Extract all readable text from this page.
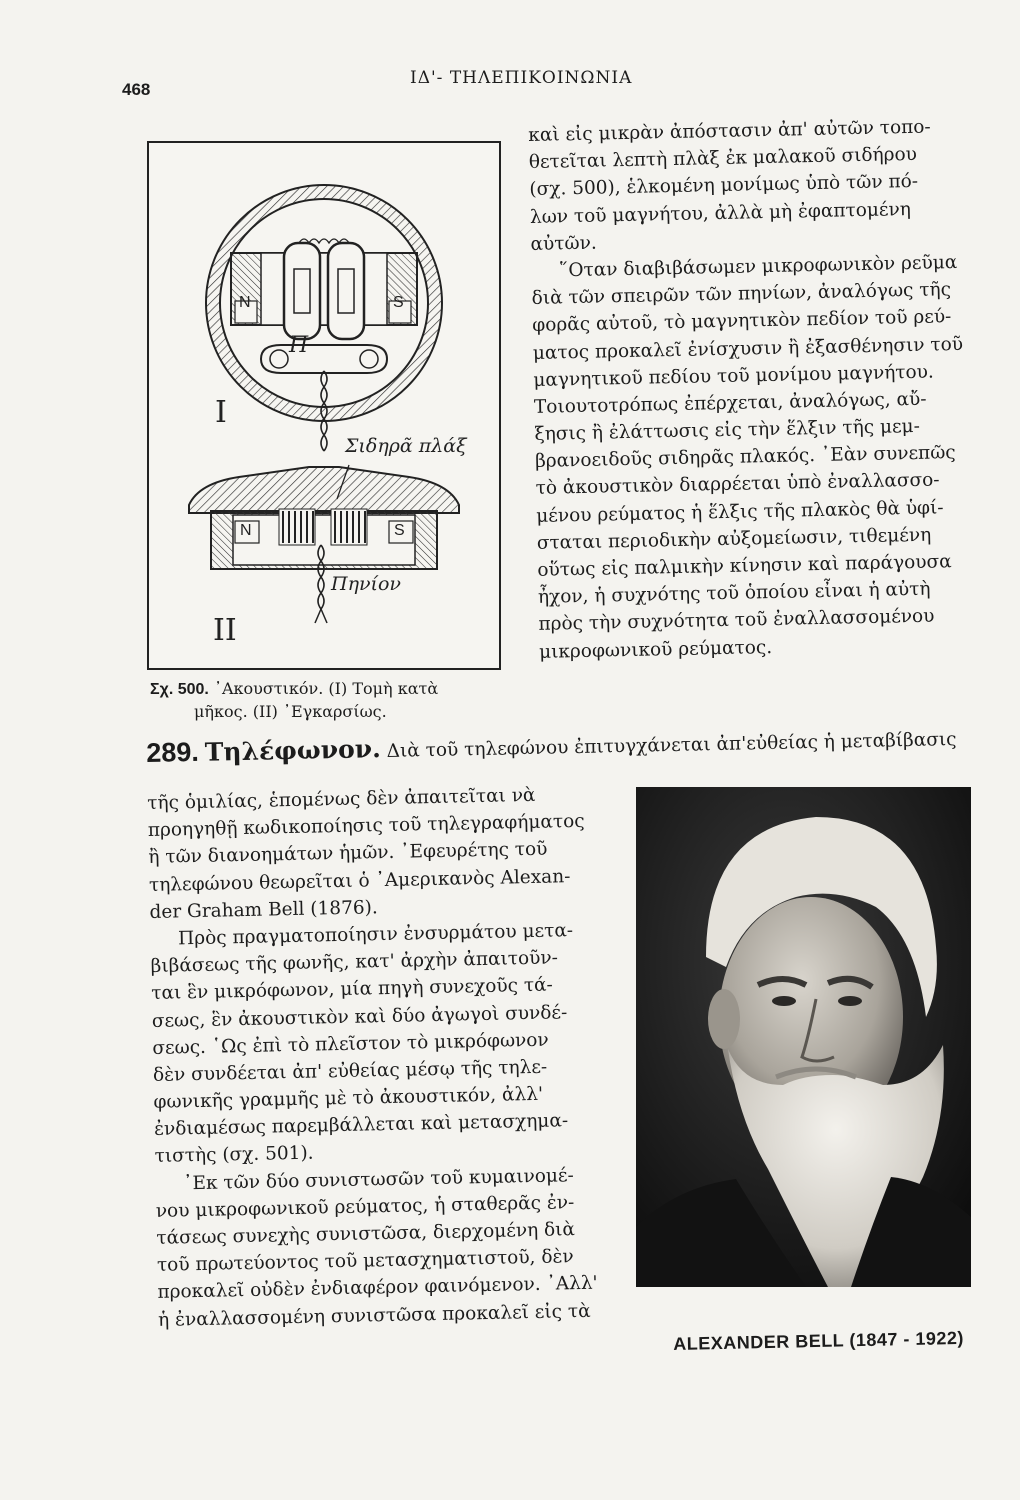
468
ΙΔ'- ΤΗΛΕΠΙΚΟΙΝΩΝΙΑ
N	S
Π
Σιδηρᾶ πλάξ
N	S
Πηνίον
I
II
Σχ. 500. ᾿Ακουστικόν. (I) Τομὴ κατὰ
μῆκος. (II) ᾿Εγκαρσίως.
καὶ εἰς μικρὰν ἀπόστασιν ἀπ' αὐτῶν τοπο-
θετεῖται λεπτὴ πλὰξ ἐκ μαλακοῦ σιδήρου
(σχ. 500), ἑλκομένη μονίμως ὑπὸ τῶν πό-
λων τοῦ μαγνήτου, ἀλλὰ μὴ ἐφαπτομένη
αὐτῶν.
῞Οταν διαβιβάσωμεν μικροφωνικὸν ρεῦμα
διὰ τῶν σπειρῶν τῶν πηνίων, ἀναλόγως τῆς
φορᾶς αὐτοῦ, τὸ μαγνητικὸν πεδίον τοῦ ρεύ-
ματος προκαλεῖ ἐνίσχυσιν ἢ ἐξασθένησιν τοῦ
μαγνητικοῦ πεδίου τοῦ μονίμου μαγνήτου.
Τοιουτοτρόπως ἐπέρχεται, ἀναλόγως, αὔ-
ξησις ἢ ἐλάττωσις εἰς τὴν ἕλξιν τῆς μεμ-
βρανοειδοῦς σιδηρᾶς πλακός. ᾿Εὰν συνεπῶς
τὸ ἀκουστικὸν διαρρέεται ὑπὸ ἐναλλασσο-
μένου ρεύματος ἡ ἕλξις τῆς πλακὸς θὰ ὑφί-
σταται περιοδικὴν αὐξομείωσιν, τιθεμένη
οὕτως εἰς παλμικὴν κίνησιν καὶ παράγουσα
ἦχον, ἡ συχνότης τοῦ ὁποίου εἶναι ἡ αὐτὴ
πρὸς τὴν συχνότητα τοῦ ἐναλλασσομένου
μικροφωνικοῦ ρεύματος.
289. Τηλέφωνον. Διὰ τοῦ τηλεφώνου ἐπιτυγχάνεται ἀπ'εὐθείας ἡ μεταβίβασις
τῆς ὁμιλίας, ἑπομένως δὲν ἀπαιτεῖται νὰ
προηγηθῇ κωδικοποίησις τοῦ τηλεγραφήματος
ἢ τῶν διανοημάτων ἡμῶν. ᾿Εφευρέτης τοῦ
τηλεφώνου θεωρεῖται ὁ ᾿Αμερικανὸς Alexan-
der Graham Bell (1876).
Πρὸς πραγματοποίησιν ἐνσυρμάτου μετα-
βιβάσεως τῆς φωνῆς, κατ' ἀρχὴν ἀπαιτοῦν-
ται ἓν μικρόφωνον, μία πηγὴ συνεχοῦς τά-
σεως, ἓν ἀκουστικὸν καὶ δύο ἀγωγοὶ συνδέ-
σεως. ῾Ως ἐπὶ τὸ πλεῖστον τὸ μικρόφωνον
δὲν συνδέεται ἀπ' εὐθείας μέσῳ τῆς τηλε-
φωνικῆς γραμμῆς μὲ τὸ ἀκουστικόν, ἀλλ'
ἐνδιαμέσως παρεμβάλλεται καὶ μετασχημα-
τιστὴς (σχ. 501).
᾿Εκ τῶν δύο συνιστωσῶν τοῦ κυμαινομέ-
νου μικροφωνικοῦ ρεύματος, ἡ σταθερᾶς ἐν-
τάσεως συνεχὴς συνιστῶσα, διερχομένη διὰ
τοῦ πρωτεύοντος τοῦ μετασχηματιστοῦ, δὲν
προκαλεῖ οὐδὲν ἐνδιαφέρον φαινόμενον. ᾿Αλλ'
ἡ ἐναλλασσομένη συνιστῶσα προκαλεῖ εἰς τὰ
ALEXANDER BELL (1847 - 1922)
